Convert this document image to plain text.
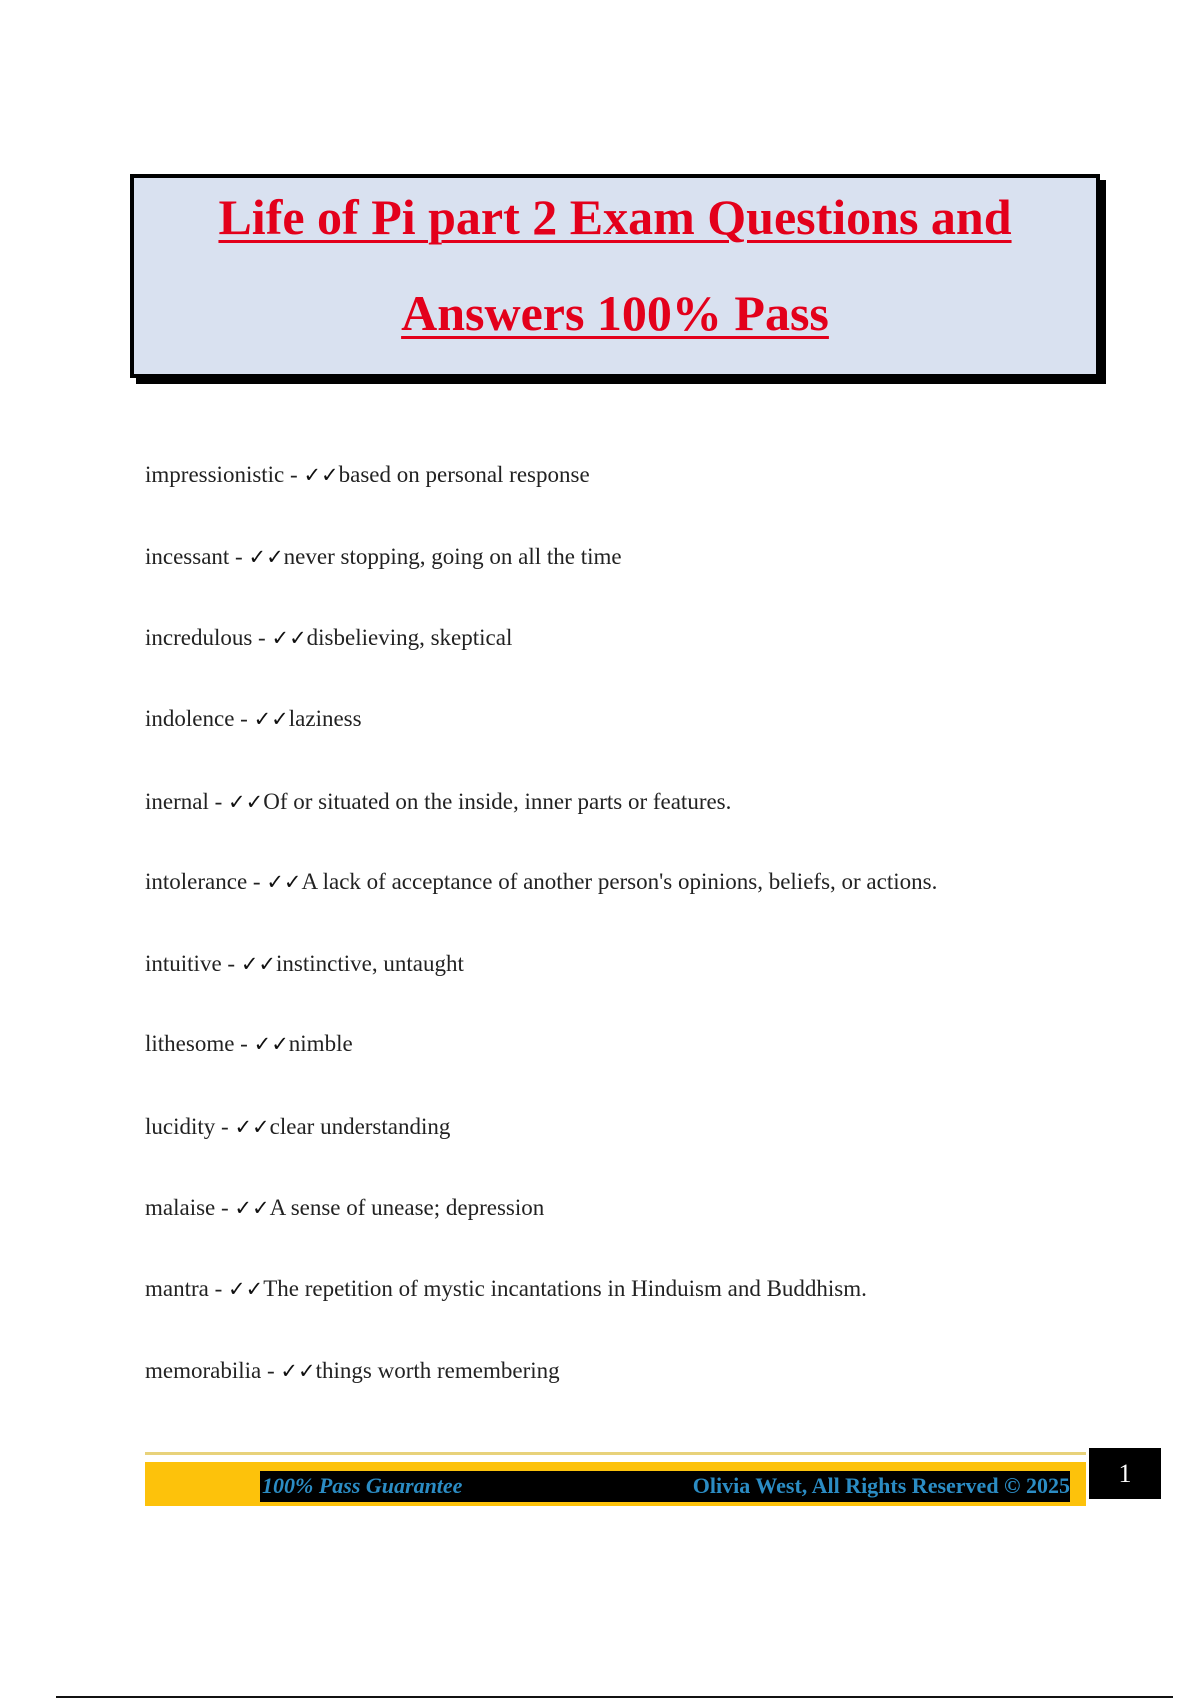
Life of Pi part 2 Exam Questions and
Answers 100% Pass
impressionistic - ✓✓based on personal response
incessant - ✓✓never stopping, going on all the time
incredulous - ✓✓disbelieving, skeptical
indolence - ✓✓laziness
inernal - ✓✓Of or situated on the inside, inner parts or features.
intolerance - ✓✓A lack of acceptance of another person's opinions, beliefs, or actions.
intuitive - ✓✓instinctive, untaught
lithesome - ✓✓nimble
lucidity - ✓✓clear understanding
malaise - ✓✓A sense of unease; depression
mantra - ✓✓The repetition of mystic incantations in Hinduism and Buddhism.
memorabilia - ✓✓things worth remembering
100% Pass Guarantee	Olivia West, All Rights Reserved © 2025	1
